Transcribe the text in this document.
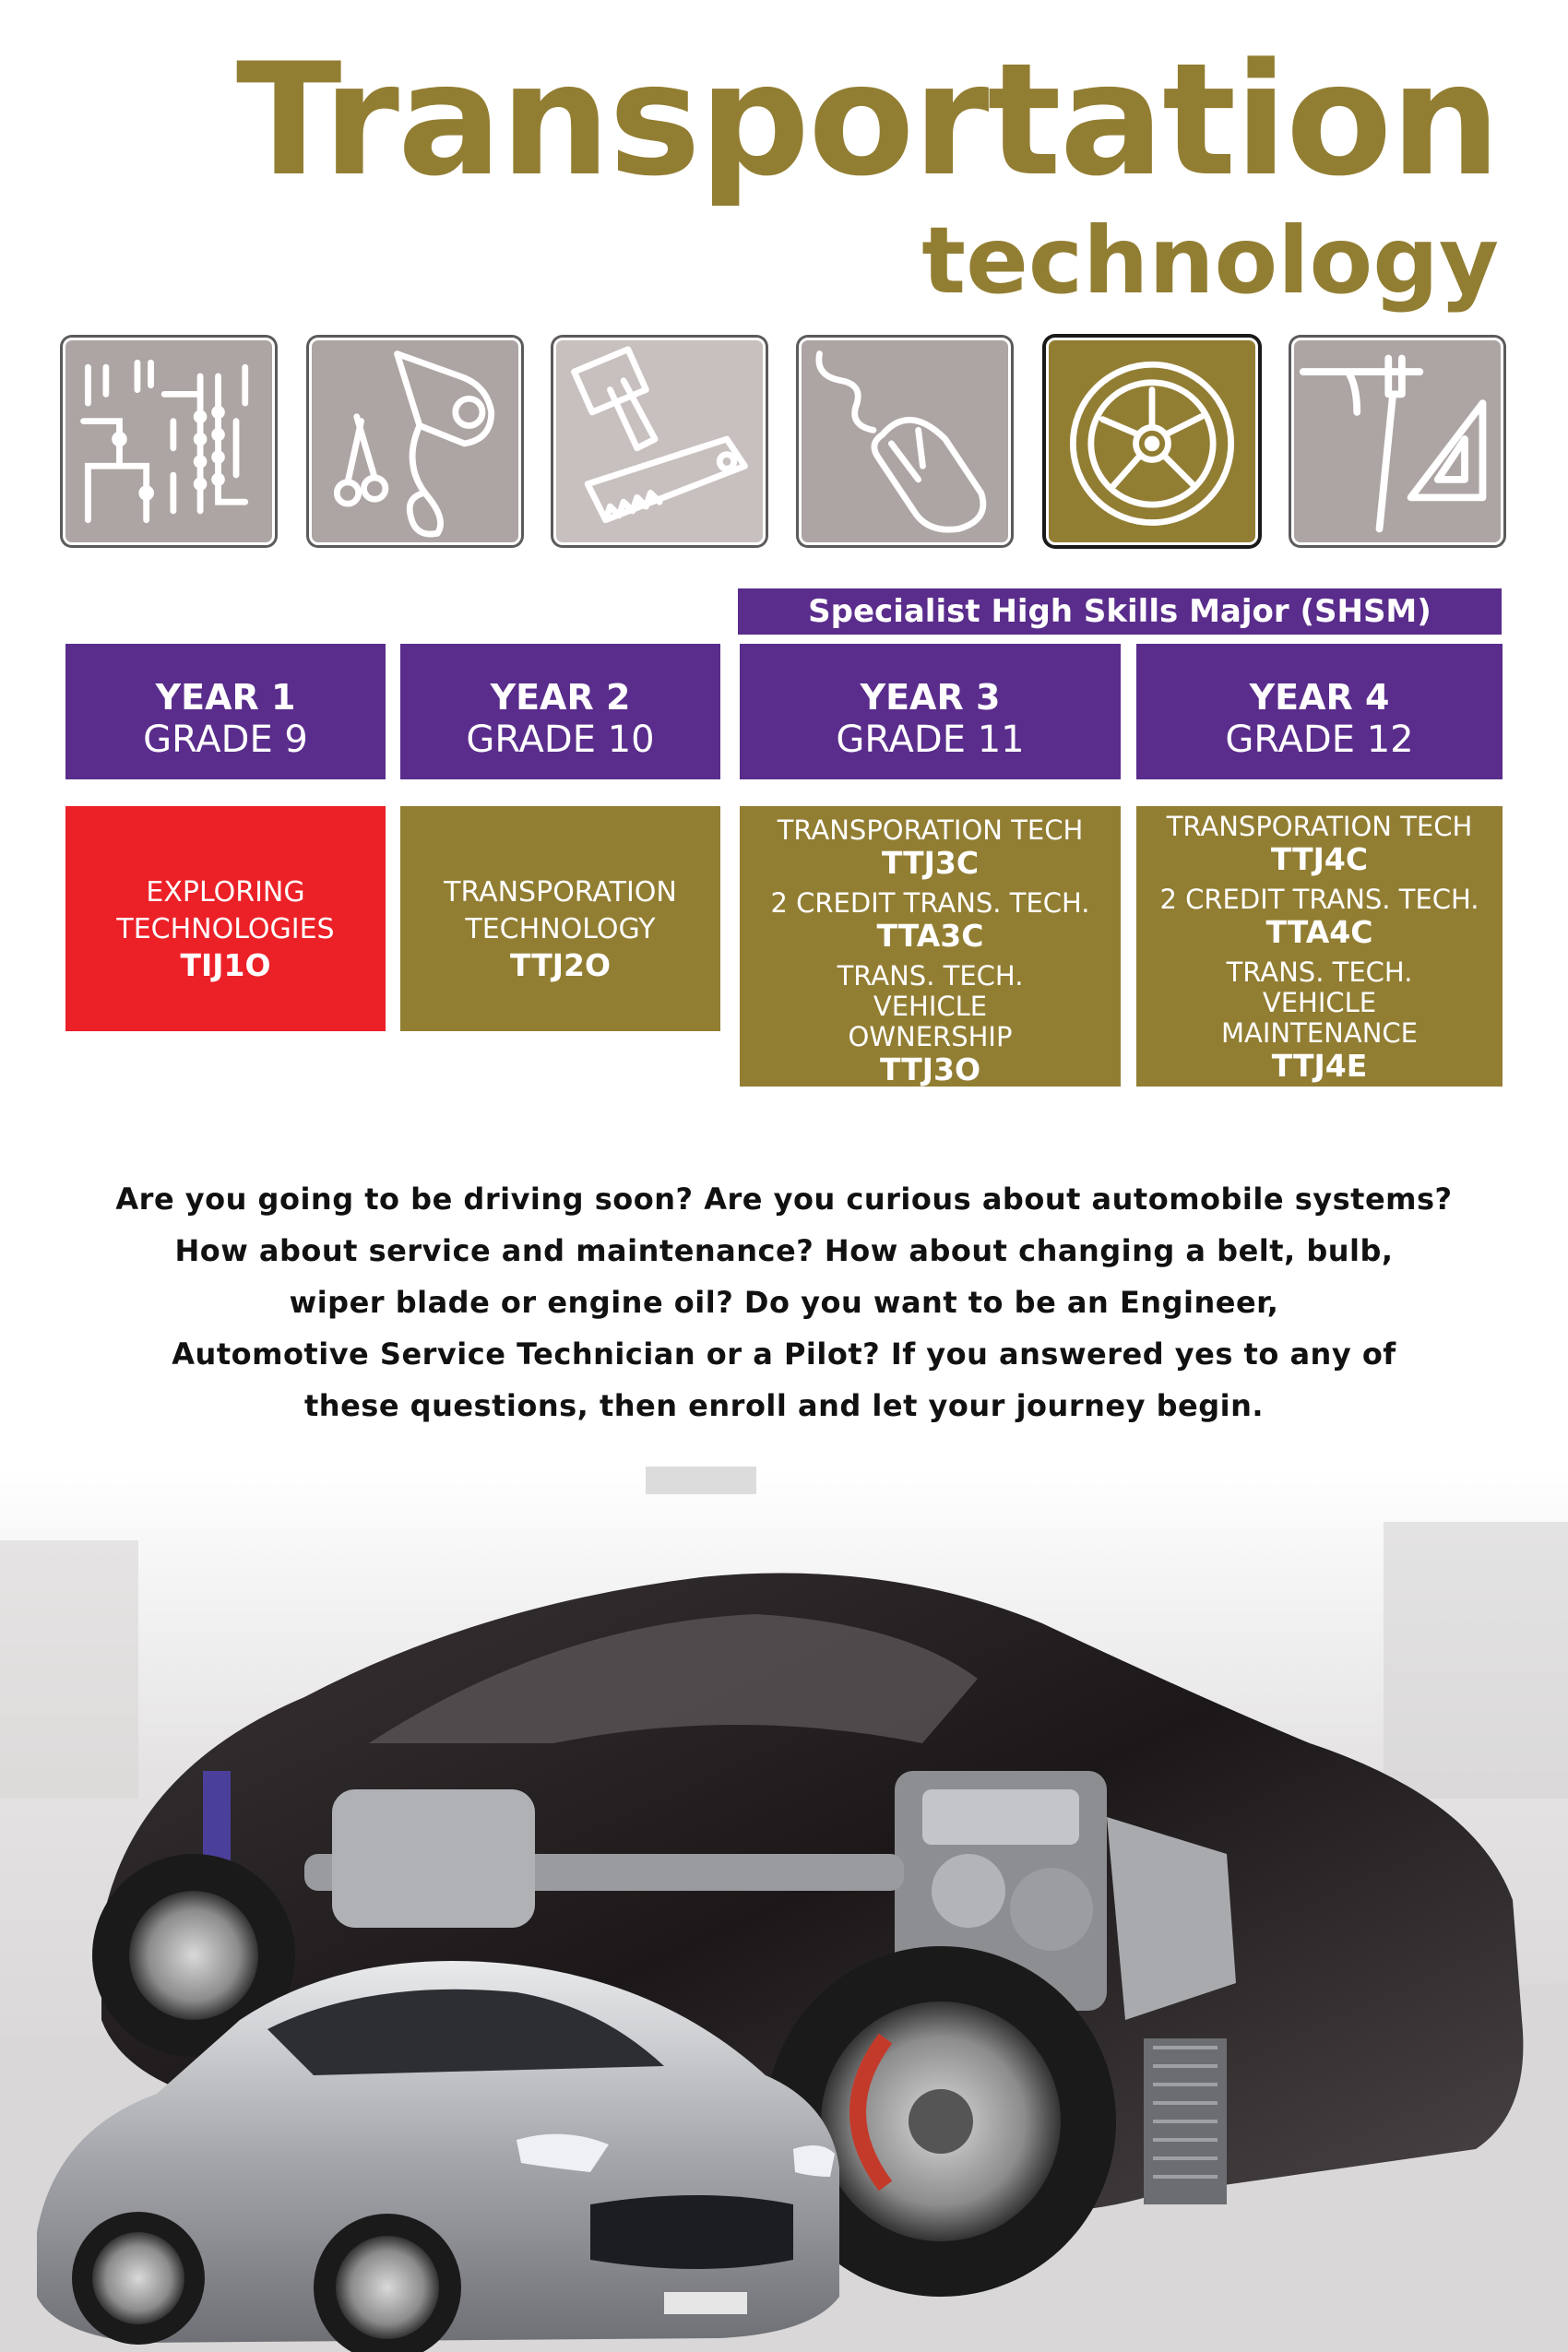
Transportation
technology
Specialist High Skills Major (SHSM)
YEAR 1
GRADE 9
YEAR 2
GRADE 10
YEAR 3
GRADE 11
YEAR 4
GRADE 12
EXPLORING TECHNOLOGIES
TIJ1O
TRANSPORATION TECHNOLOGY
TTJ2O
TRANSPORATION TECH
TTJ3C
2 CREDIT TRANS. TECH.
TTA3C
TRANS. TECH. VEHICLE OWNERSHIP
TTJ3O
TRANSPORATION TECH
TTJ4C
2 CREDIT TRANS. TECH.
TTA4C
TRANS. TECH. VEHICLE MAINTENANCE
TTJ4E

Are you going to be driving soon? Are you curious about automobile systems?
How about service and maintenance? How about changing a belt, bulb,
wiper blade or engine oil? Do you want to be an Engineer,
Automotive Service Technician or a Pilot? If you answered yes to any of
these questions, then enroll and let your journey begin.
